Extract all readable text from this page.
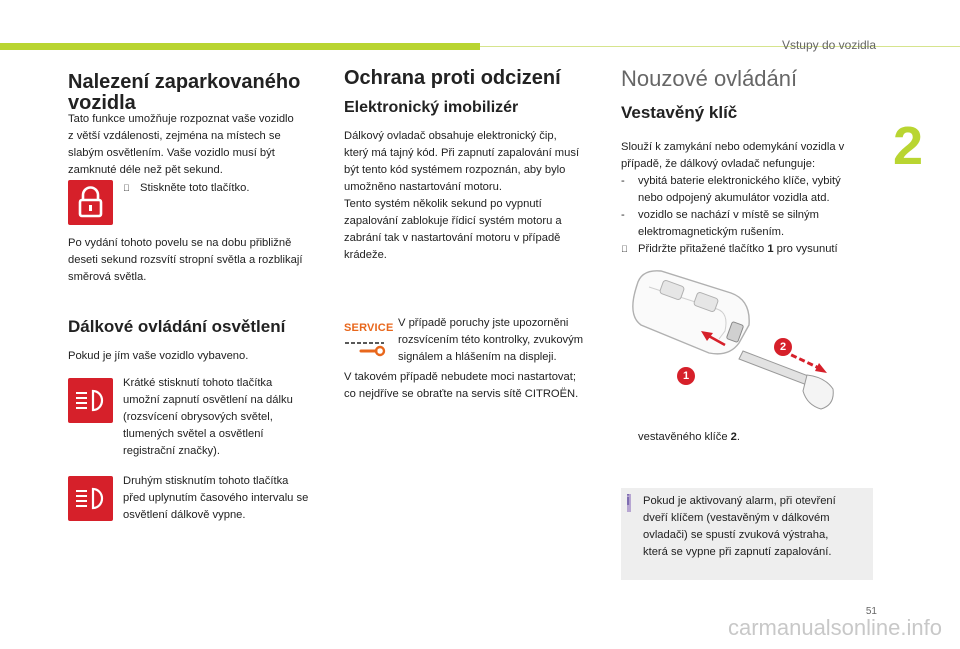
Vstupy do vozidla
2
Nalezení zaparkovaného
vozidla

Tato funkce umožňuje rozpoznat vaše vozidlo

z větší vzdálenosti, zejména na místech se

slabým osvětlením. Vaše vozidlo musí být

zamknuté déle než pět sekund.

Stiskněte toto tlačítko.

Po vydání tohoto povelu se na dobu přibližně

deseti sekund rozsvítí stropní světla a rozblikají

směrová světla.

Dálkové ovládání osvětlení
Pokud je jím vaše vozidlo vybaveno.

Krátké stisknutí tohoto tlačítka

umožní zapnutí osvětlení na dálku

(rozsvícení obrysových světel,

tlumených světel a osvětlení

registrační značky).

Druhým stisknutím tohoto tlačítka

před uplynutím časového intervalu se

osvětlení dálkově vypne.

Ochrana proti odcizení
Elektronický imobilizér

Dálkový ovladač obsahuje elektronický čip,

který má tajný kód. Při zapnutí zapalování musí

být tento kód systémem rozpoznán, aby bylo

umožněno nastartování motoru.

Tento systém několik sekund po vypnutí

zapalování zablokuje řídicí systém motoru a

zabrání tak v nastartování motoru v případě

krádeže.

SERVICE V případě poruchy jste upozorněni

rozsvícením této kontrolky, zvukovým

signálem a hlášením na displeji.

V takovém případě nebudete moci nastartovat;

co nejdříve se obraťte na servis sítě CITROËN.

Nouzové ovládání
Vestavěný klíč

Slouží k zamykání nebo odemykání vozidla v

případě, že dálkový ovladač nefunguje:

- vybitá baterie elektronického klíče, vybitý
nebo odpojený akumulátor vozidla atd.
- vozidlo se nachází v místě se silným
elektromagnetickým rušením.
Přidržte přitažené tlačítko 1 pro vysunutí
1
2
vestavěného klíče 2.
i Pokud je aktivovaný alarm, při otevření

dveří klíčem (vestavěným v dálkovém

ovladači) se spustí zvuková výstraha,

která se vypne při zapnutí zapalování.

51
carmanualsonline.info
